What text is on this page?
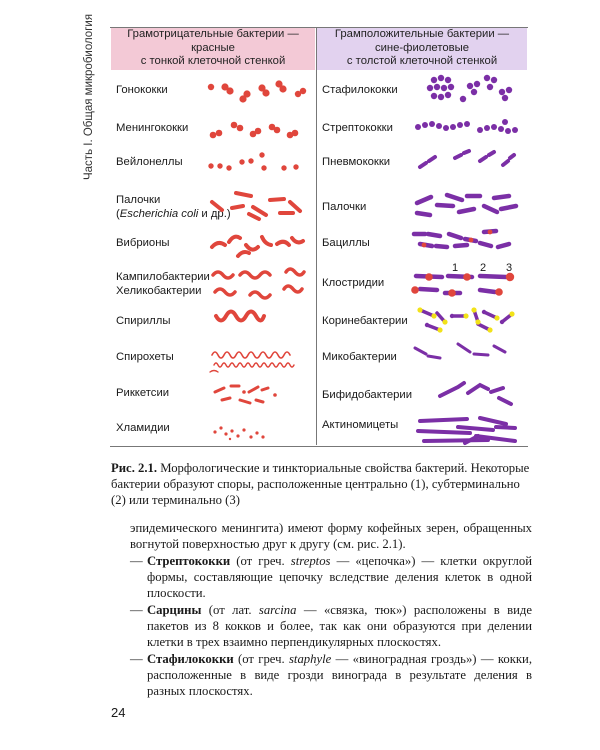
Часть I. Общая микробиология	Грамотрицательные бактерии —
красные
с тонкой клеточной стенкой
Грамположительные бактерии —
сине-фиолетовые
с толстой клеточной стенкой
Гонококки
Менингококки
Вейлонеллы
Палочки
(Escherichia coli и др.)
Вибрионы
Кампилобактерии
Хеликобактерии
Спириллы
Спирохеты
Риккетсии
Хламидии
Стафилококки
Стрептококки
Пневмококки
Палочки
Бациллы
Клостридии
Коринебактерии
Микобактерии
Бифидобактерии
Актиномицеты
1 2 3
Рис. 2.1. Морфологические и тинкториальные свойства бактерий. Некоторые бактерии образуют споры, расположенные центрально (1), субтерминально (2) или терминально (3)

эпидемического менингита) имеют форму кофейных зерен, обращенных вогнутой поверхностью друг к другу (см. рис. 2.1).

— Стрептококки (от греч. streptos — «цепочка») — клетки округлой формы, составляющие цепочку вследствие деления клеток в одной плоскости.

— Сарцины (от лат. sarcina — «связка, тюк») расположены в виде пакетов из 8 кокков и более, так как они образуются при делении клетки в трех взаимно перпендикулярных плоскостях.

— Стафилококки (от греч. staphyle — «виноградная гроздь») — кокки, расположенные в виде грозди винограда в результате деления в разных плоскостях.

24
